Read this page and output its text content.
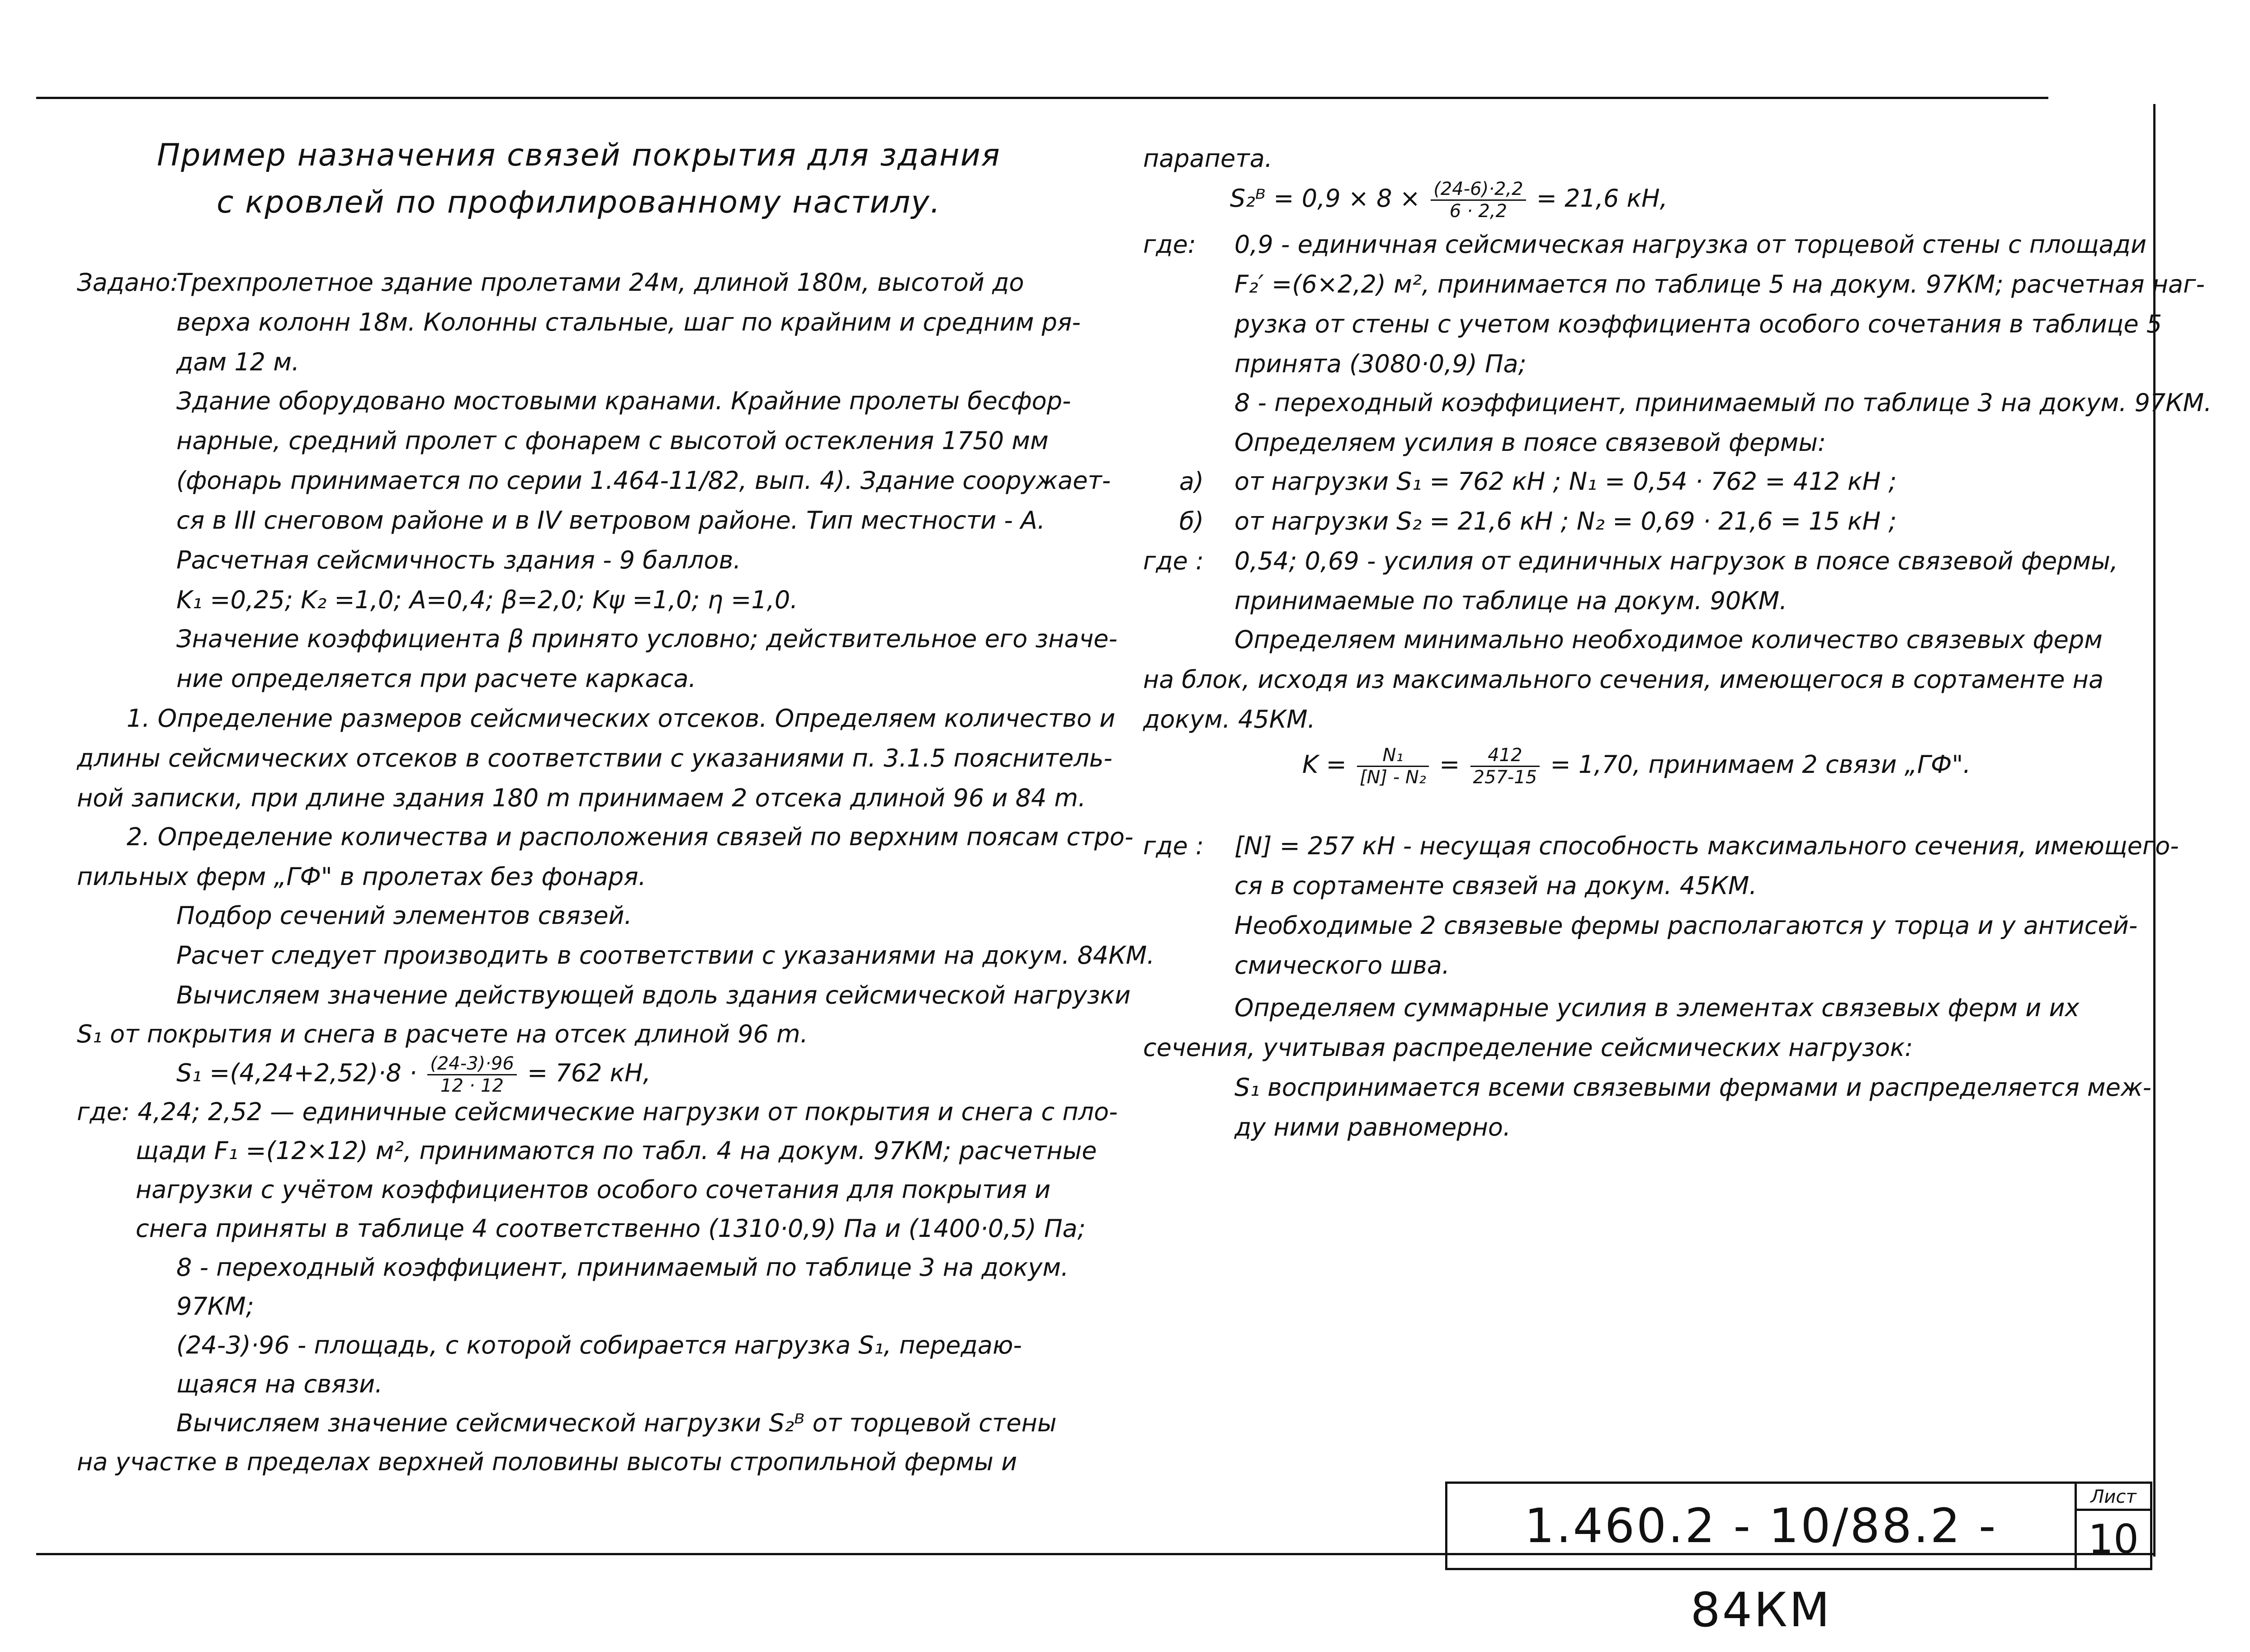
Пример назначения связей покрытия для здания
с кровлей по профилированному настилу.
Задано:
Трехпролетное здание пролетами 24м, длиной 180м, высотой до
верха колонн 18м. Колонны стальные, шаг по крайним и средним ря-
дам 12 м.
Здание оборудовано мостовыми кранами. Крайние пролеты бесфор-
нарные, средний пролет с фонарем с высотой остекления 1750 мм
(фонарь принимается по серии 1.464-11/82, вып. 4). Здание сооружает-
ся в III снеговом районе и в IV ветровом районе. Тип местности - А.
Расчетная сейсмичность здания - 9 баллов.
K₁ =0,25; K₂ =1,0; A=0,4; β=2,0; Kψ =1,0; η =1,0.
Значение коэффициента β принято условно; действительное его значе-
ние определяется при расчете каркаса.
1. Определение размеров сейсмических отсеков. Определяем количество и
длины сейсмических отсеков в соответствии с указаниями п. 3.1.5 пояснитель-
ной записки, при длине здания 180 m принимаем 2 отсека длиной 96 и 84 m.
2. Определение количества и расположения связей по верхним поясам стро-
пильных ферм „ГФ" в пролетах без фонаря.
Подбор сечений элементов связей.
Расчет следует производить в соответствии с указаниями на докум. 84КМ.
Вычисляем значение действующей вдоль здания сейсмической нагрузки
S₁ от покрытия и снега в расчете на отсек длиной 96 m.
$S_1 =(4,24+2,52)\cdot 8 \cdot \frac{(24-3)\cdot 96}{12 \cdot 12} = 762$ кН,
где: 4,24; 2,52 — единичные сейсмические нагрузки от покрытия и снега с пло-
щади F₁ =(12×12) м², принимаются по табл. 4 на докум. 97КМ; расчетные
нагрузки с учётом коэффициентов особого сочетания для покрытия и
снега приняты в таблице 4 соответственно (1310·0,9) Па и (1400·0,5) Па;
8 - переходный коэффициент, принимаемый по таблице 3 на докум.
97КМ;
(24-3)·96 - площадь, с которой собирается нагрузка S₁, передаю-
щаяся на связи.
Вычисляем значение сейсмической нагрузки S₂ᴮ от торцевой стены
на участке в пределах верхней половины высоты стропильной фермы и
парапета.
S₂ᴮ = $0,9 \times 8 \times \frac{(24-6)\cdot 2,2}{6 \cdot 2,2} = 21,6$ кН,
где: 0,9 - единичная сейсмическая нагрузка от торцевой стены с площади
F₂′ =(6×2,2) м², принимается по таблице 5 на докум. 97КМ; расчетная наг-
рузка от стены с учетом коэффициента особого сочетания в таблице 5
принята (3080·0,9) Па;
8 - переходный коэффициент, принимаемый по таблице 3 на докум. 97КМ.
Определяем усилия в поясе связевой фермы:
а) от нагрузки S₁ = 762 кН ; N₁ = 0,54 · 762 = 412 кН ;
б) от нагрузки S₂ = 21,6 кН ; N₂ = 0,69 · 21,6 = 15 кН ;
где : 0,54; 0,69 - усилия от единичных нагрузок в поясе связевой фермы,
принимаемые по таблице на докум. 90КМ.
Определяем минимально необходимое количество связевых ферм
на блок, исходя из максимального сечения, имеющегося в сортаменте на
докум. 45КМ.
$K = \frac{\text{N₁}}{\text{[N] - N₂}} = \frac{412}{257-15} = 1,70$, принимаем 2 связи „ГФ".
где : [N] = 257 кН - несущая способность максимального сечения, имеющего-
ся в сортаменте связей на докум. 45КМ.
Необходимые 2 связевые фермы располагаются у торца и у антисей-
смического шва.
Определяем суммарные усилия в элементах связевых ферм и их
сечения, учитывая распределение сейсмических нагрузок:
S₁ воспринимается всеми связевыми фермами и распределяется меж-
ду ними равномерно.
1.460.2 - 10/88.2 - 84КМ
Лист
10
